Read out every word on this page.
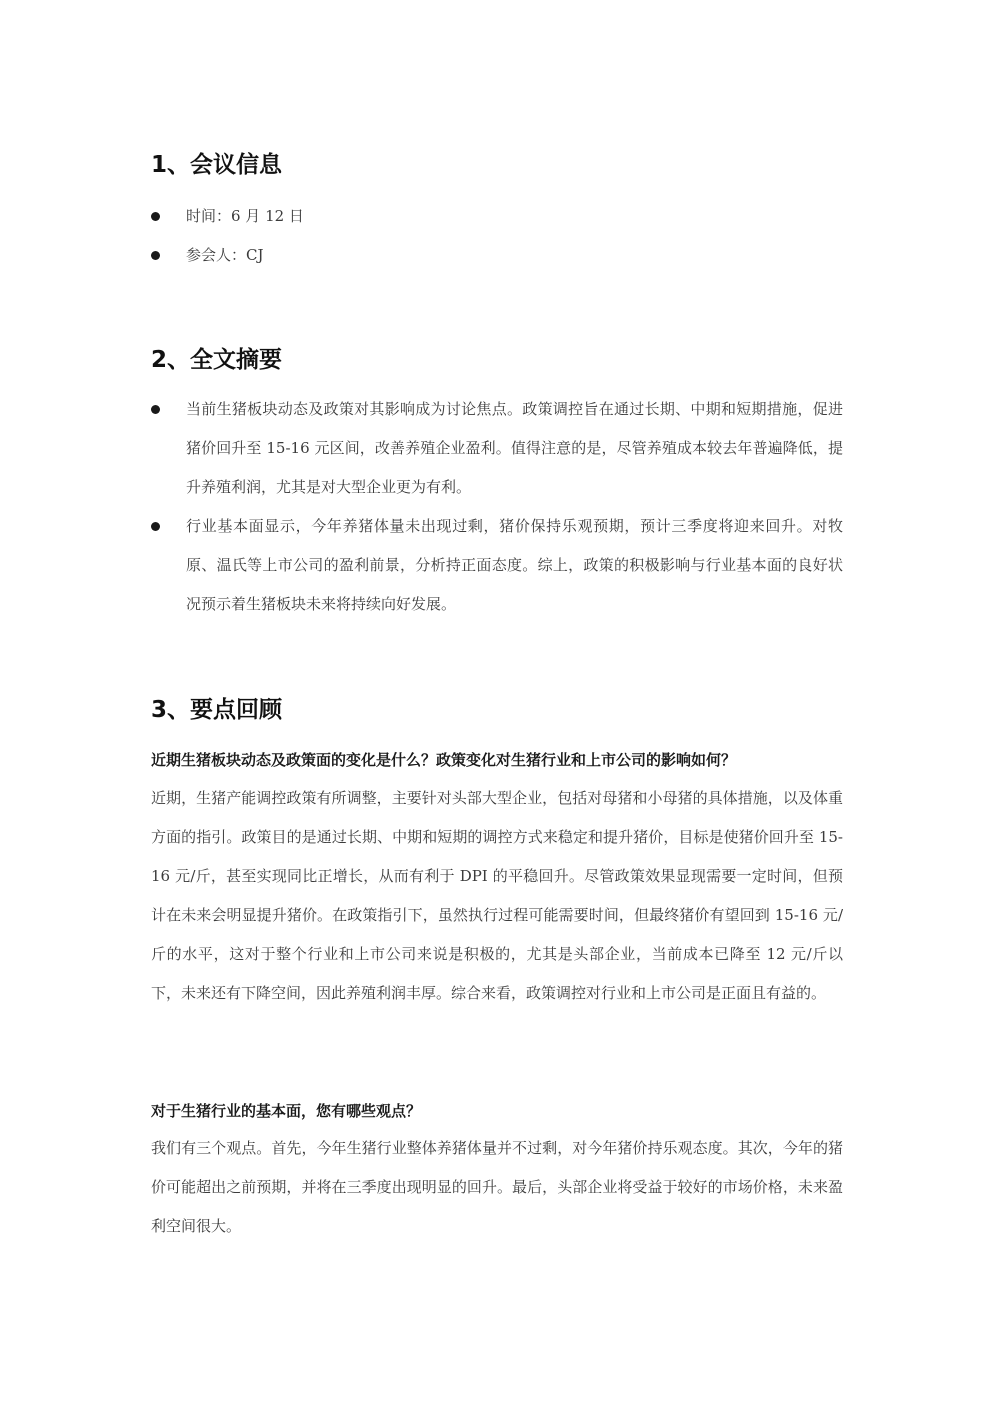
1、会议信息
时间：6 月 12 日
参会人：CJ
2、全文摘要
当前生猪板块动态及政策对其影响成为讨论焦点。政策调控旨在通过长期、中期和短期措施，促进猪价回升至 15-16 元区间，改善养殖企业盈利。值得注意的是，尽管养殖成本较去年普遍降低，提升养殖利润，尤其是对大型企业更为有利。
行业基本面显示，今年养猪体量未出现过剩，猪价保持乐观预期，预计三季度将迎来回升。对牧原、温氏等上市公司的盈利前景，分析持正面态度。综上，政策的积极影响与行业基本面的良好状况预示着生猪板块未来将持续向好发展。
3、要点回顾
近期生猪板块动态及政策面的变化是什么？政策变化对生猪行业和上市公司的影响如何？
近期，生猪产能调控政策有所调整，主要针对头部大型企业，包括对母猪和小母猪的具体措施，以及体重方面的指引。政策目的是通过长期、中期和短期的调控方式来稳定和提升猪价，目标是使猪价回升至 15-16 元/斤，甚至实现同比正增长，从而有利于 DPI 的平稳回升。尽管政策效果显现需要一定时间，但预计在未来会明显提升猪价。在政策指引下，虽然执行过程可能需要时间，但最终猪价有望回到 15-16 元/斤的水平，这对于整个行业和上市公司来说是积极的，尤其是头部企业，当前成本已降至 12 元/斤以下，未来还有下降空间，因此养殖利润丰厚。综合来看，政策调控对行业和上市公司是正面且有益的。
对于生猪行业的基本面，您有哪些观点？
我们有三个观点。首先，今年生猪行业整体养猪体量并不过剩，对今年猪价持乐观态度。其次，今年的猪价可能超出之前预期，并将在三季度出现明显的回升。最后，头部企业将受益于较好的市场价格，未来盈利空间很大。
